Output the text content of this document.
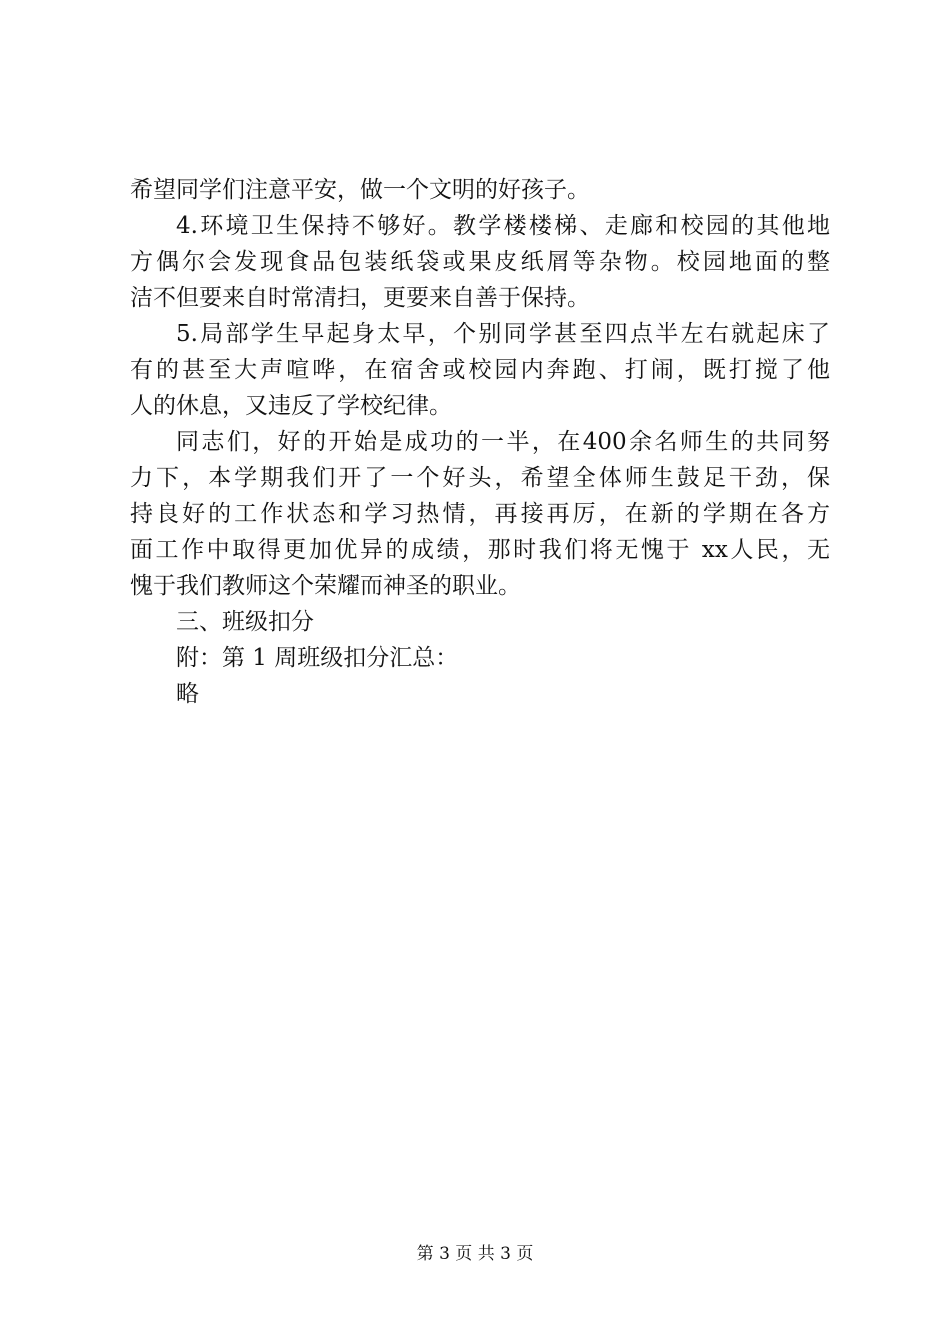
希望同学们注意平安，做一个文明的好孩子。
4.环境卫生保持不够好。教学楼楼梯、走廊和校园的其他地
方偶尔会发现食品包装纸袋或果皮纸屑等杂物。校园地面的整
洁不但要来自时常清扫，更要来自善于保持。
5.局部学生早起身太早，个别同学甚至四点半左右就起床了
有的甚至大声喧哗，在宿舍或校园内奔跑、打闹，既打搅了他
人的休息，又违反了学校纪律。
同志们，好的开始是成功的一半，在400余名师生的共同努
力下，本学期我们开了一个好头，希望全体师生鼓足干劲，保
持良好的工作状态和学习热情，再接再厉，在新的学期在各方
面工作中取得更加优异的成绩，那时我们将无愧于 xx人民，无
愧于我们教师这个荣耀而神圣的职业。
三、班级扣分
附：第 1 周班级扣分汇总：
略
第 3 页 共 3 页
